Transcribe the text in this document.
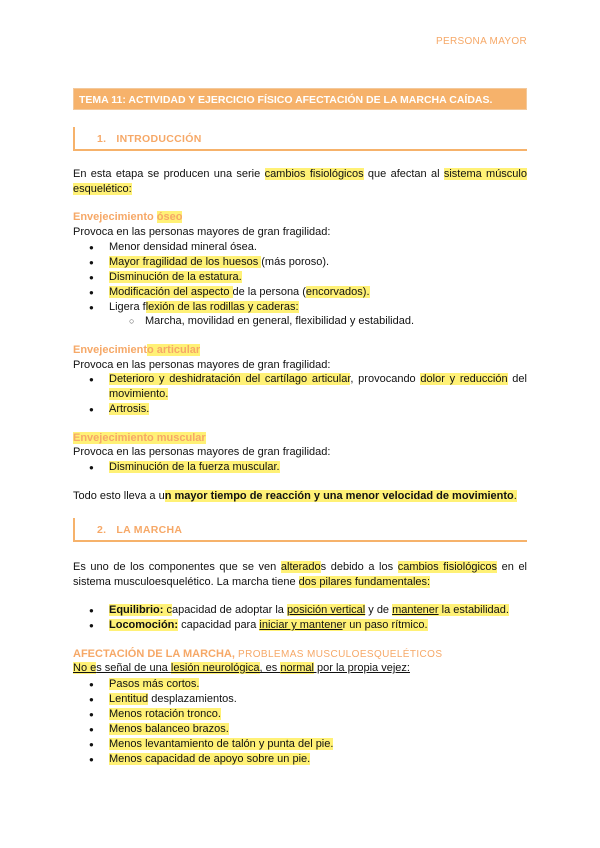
PERSONA MAYOR
TEMA 11: ACTIVIDAD Y EJERCICIO FÍSICO AFECTACIÓN DE LA MARCHA CAÍDAS.
1. INTRODUCCIÓN

En esta etapa se producen una serie cambios fisiológicos que afectan al sistema músculo esquelético:

Envejecimiento óseo

Provoca en las personas mayores de gran fragilidad:

● Menor densidad mineral ósea.
● Mayor fragilidad de los huesos (más poroso).
● Disminución de la estatura.
● Modificación del aspecto de la persona (encorvados).
● Ligera flexión de las rodillas y caderas:
○ Marcha, movilidad en general, flexibilidad y estabilidad.

Envejecimiento articular

Provoca en las personas mayores de gran fragilidad:

● Deterioro y deshidratación del cartílago articular, provocando dolor y reducción del movimiento.
● Artrosis.

Envejecimiento muscular

Provoca en las personas mayores de gran fragilidad:

● Disminución de la fuerza muscular.

Todo esto lleva a un mayor tiempo de reacción y una menor velocidad de movimiento.

2. LA MARCHA

Es uno de los componentes que se ven alterados debido a los cambios fisiológicos en el sistema musculoesquelético. La marcha tiene dos pilares fundamentales:

● Equilibrio: capacidad de adoptar la posición vertical y de mantener la estabilidad.
● Locomoción: capacidad para iniciar y mantener un paso rítmico.

AFECTACIÓN DE LA MARCHA, PROBLEMAS MUSCULOESQUELÉTICOS

No es señal de una lesión neurológica, es normal por la propia vejez:

● Pasos más cortos.
● Lentitud desplazamientos.
● Menos rotación tronco.
● Menos balanceo brazos.
● Menos levantamiento de talón y punta del pie.
● Menos capacidad de apoyo sobre un pie.
